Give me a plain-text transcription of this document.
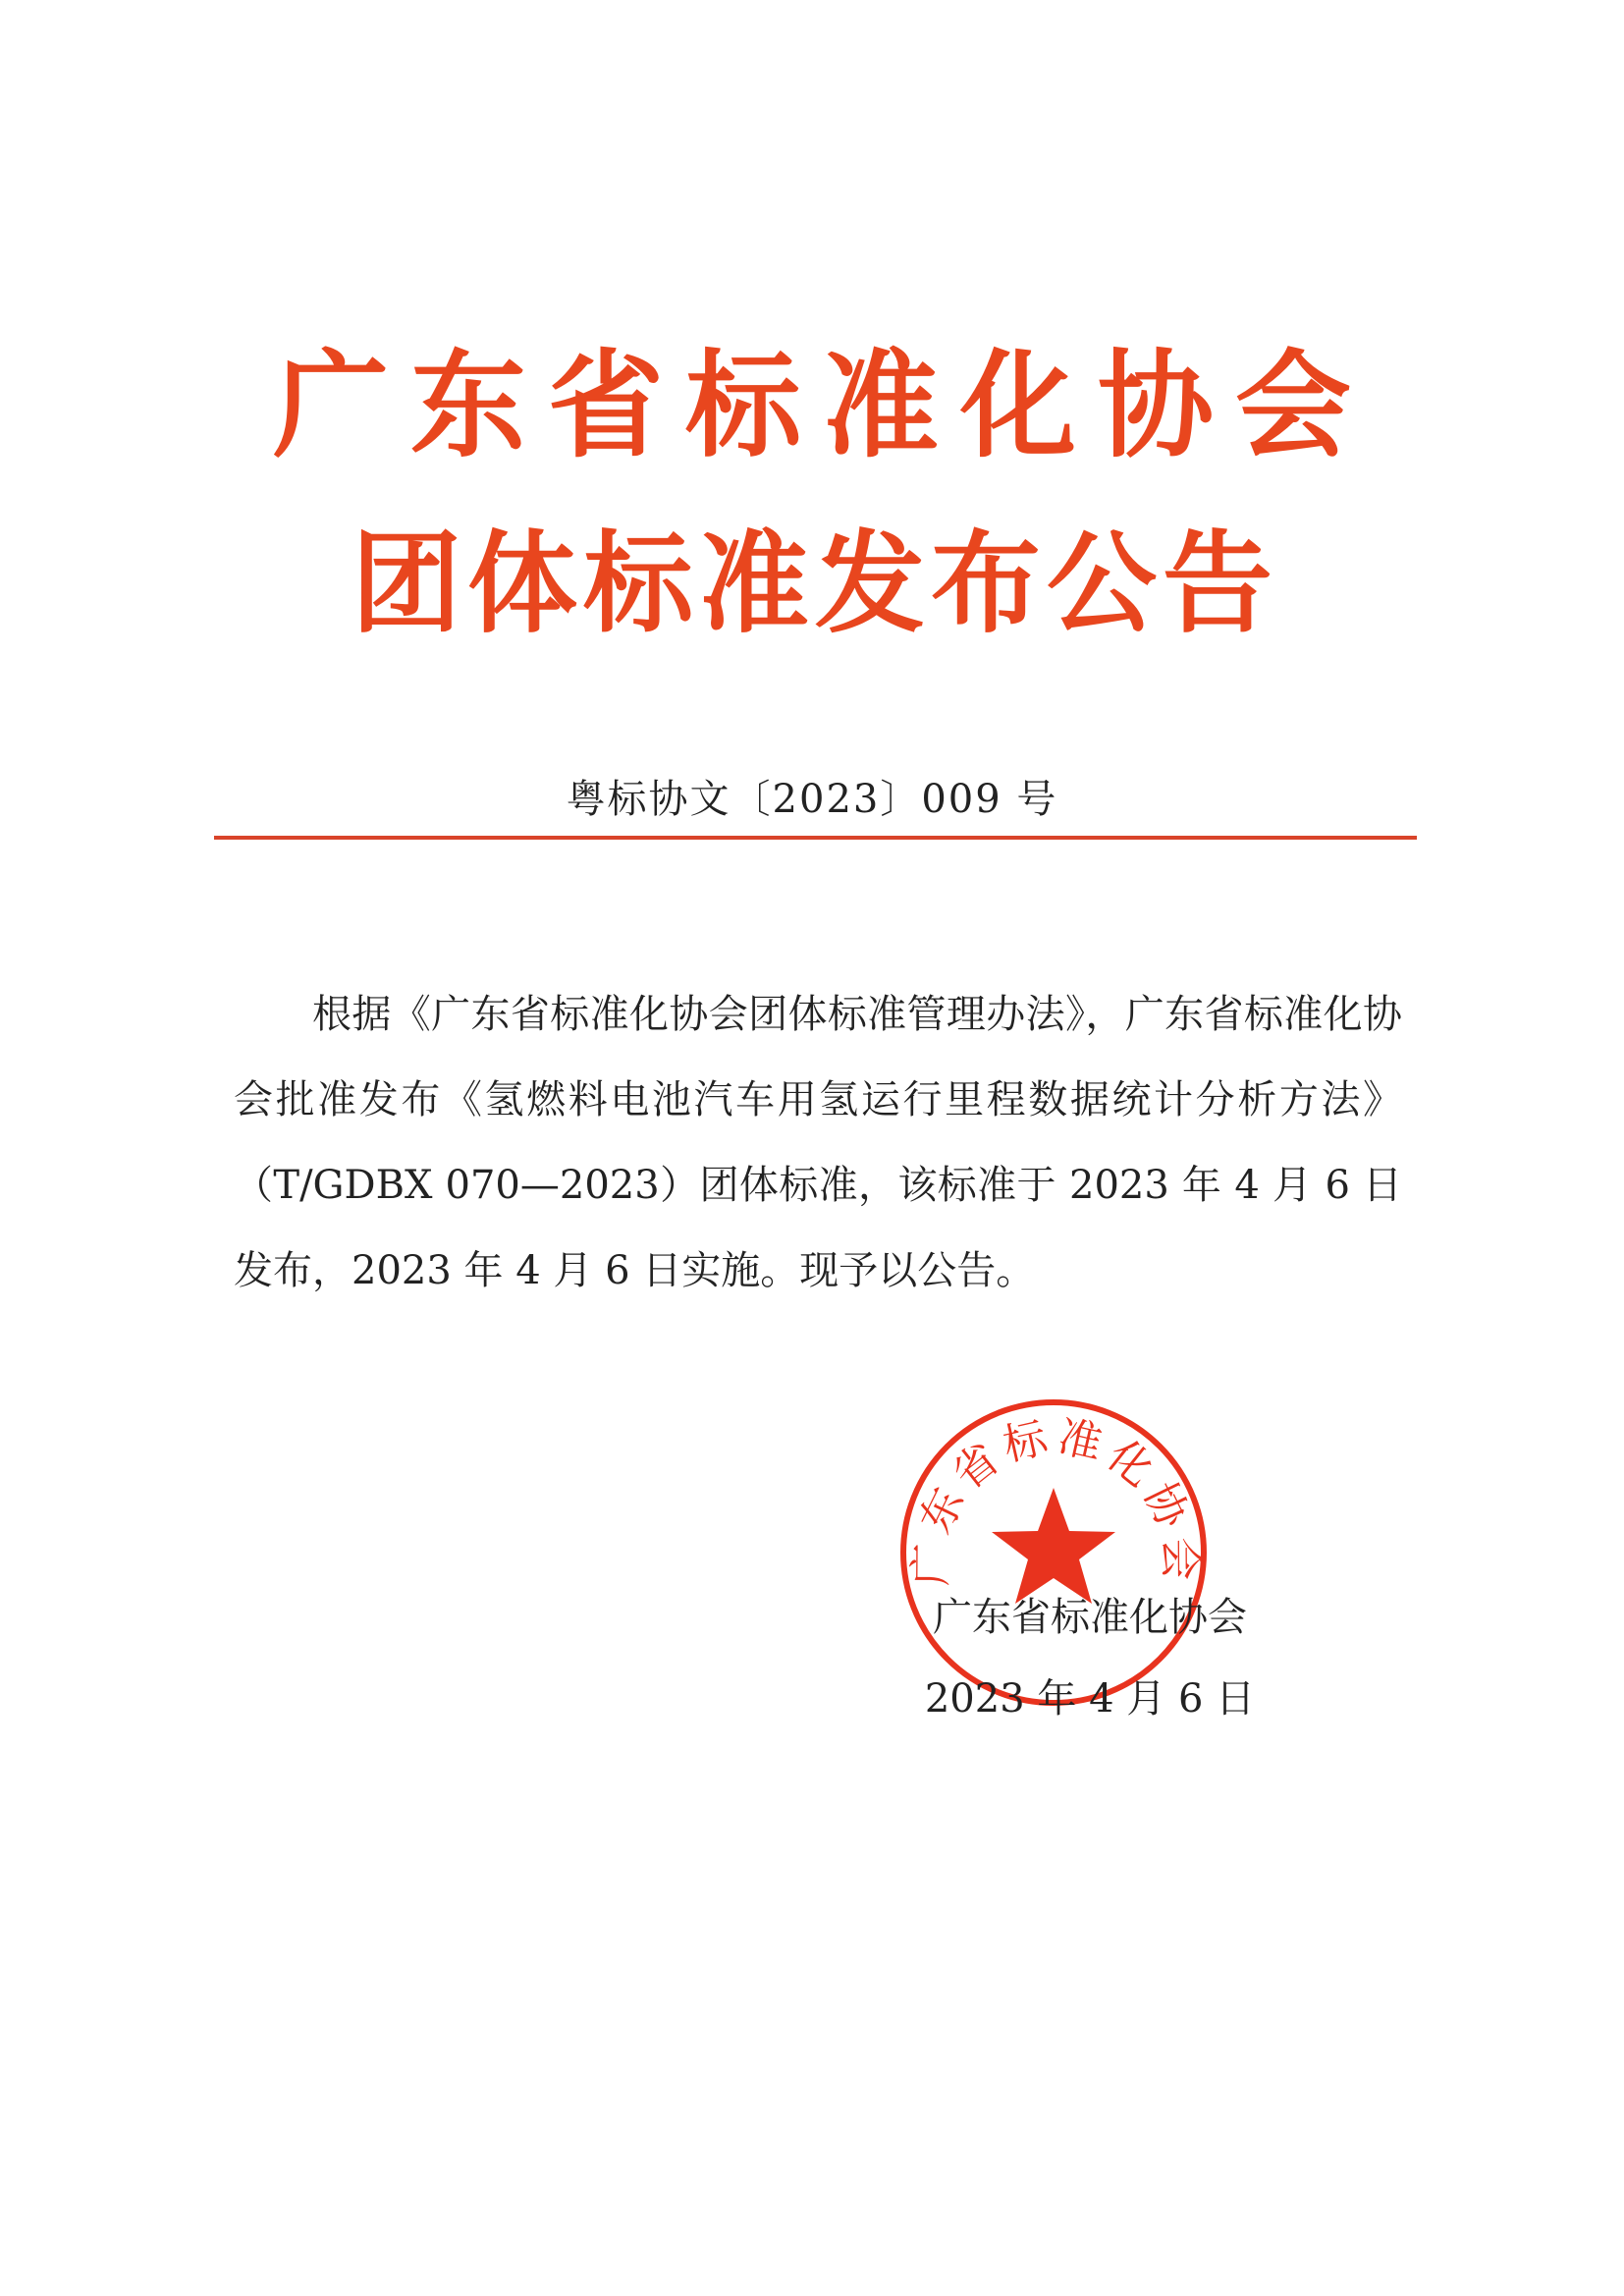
广东省标准化协会
团体标准发布公告
粤标协文〔2023〕009 号

根据《广东省标准化协会团体标准管理办法》，广东省标准化协会批准发布《氢燃料电池汽车用氢运行里程数据统计分析方法》（T/GDBX 070—2023）团体标准，该标准于 2023 年 4 月 6 日发布，2023 年 4 月 6 日实施。现予以公告。

广东省标准化协会
广东省标准化协会
2023 年 4 月 6 日
